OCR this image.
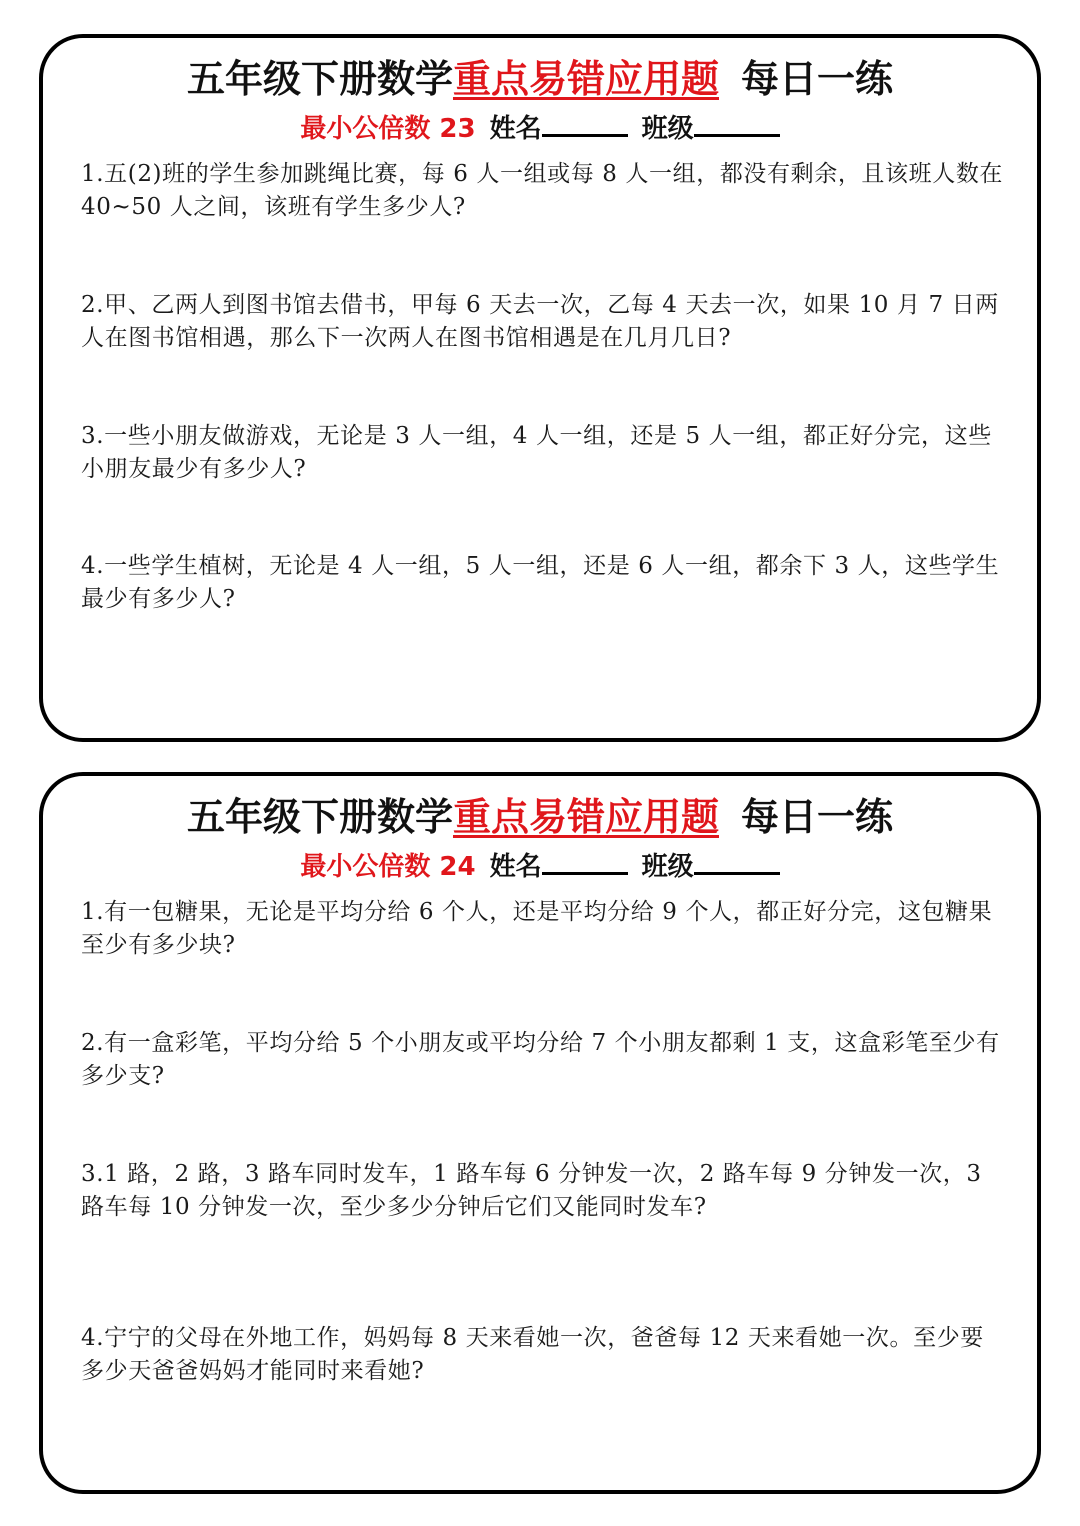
五年级下册数学重点易错应用题 每日一练
最小公倍数 23 姓名	班级
1.五(2)班的学生参加跳绳比赛，每 6 人一组或每 8 人一组，都没有剩余，且该班人数在 40~50 人之间，该班有学生多少人?
2.甲、乙两人到图书馆去借书，甲每 6 天去一次，乙每 4 天去一次，如果 10 月 7 日两人在图书馆相遇，那么下一次两人在图书馆相遇是在几月几日?
3.一些小朋友做游戏，无论是 3 人一组，4 人一组，还是 5 人一组，都正好分完，这些小朋友最少有多少人?
4.一些学生植树，无论是 4 人一组，5 人一组，还是 6 人一组，都余下 3 人，这些学生最少有多少人?
五年级下册数学重点易错应用题 每日一练
最小公倍数 24 姓名	班级
1.有一包糖果，无论是平均分给 6 个人，还是平均分给 9 个人，都正好分完，这包糖果至少有多少块?
2.有一盒彩笔，平均分给 5 个小朋友或平均分给 7 个小朋友都剩 1 支，这盒彩笔至少有多少支?
3.1 路，2 路，3 路车同时发车，1 路车每 6 分钟发一次，2 路车每 9 分钟发一次，3 路车每 10 分钟发一次，至少多少分钟后它们又能同时发车?
4.宁宁的父母在外地工作，妈妈每 8 天来看她一次，爸爸每 12 天来看她一次。至少要多少天爸爸妈妈才能同时来看她?
